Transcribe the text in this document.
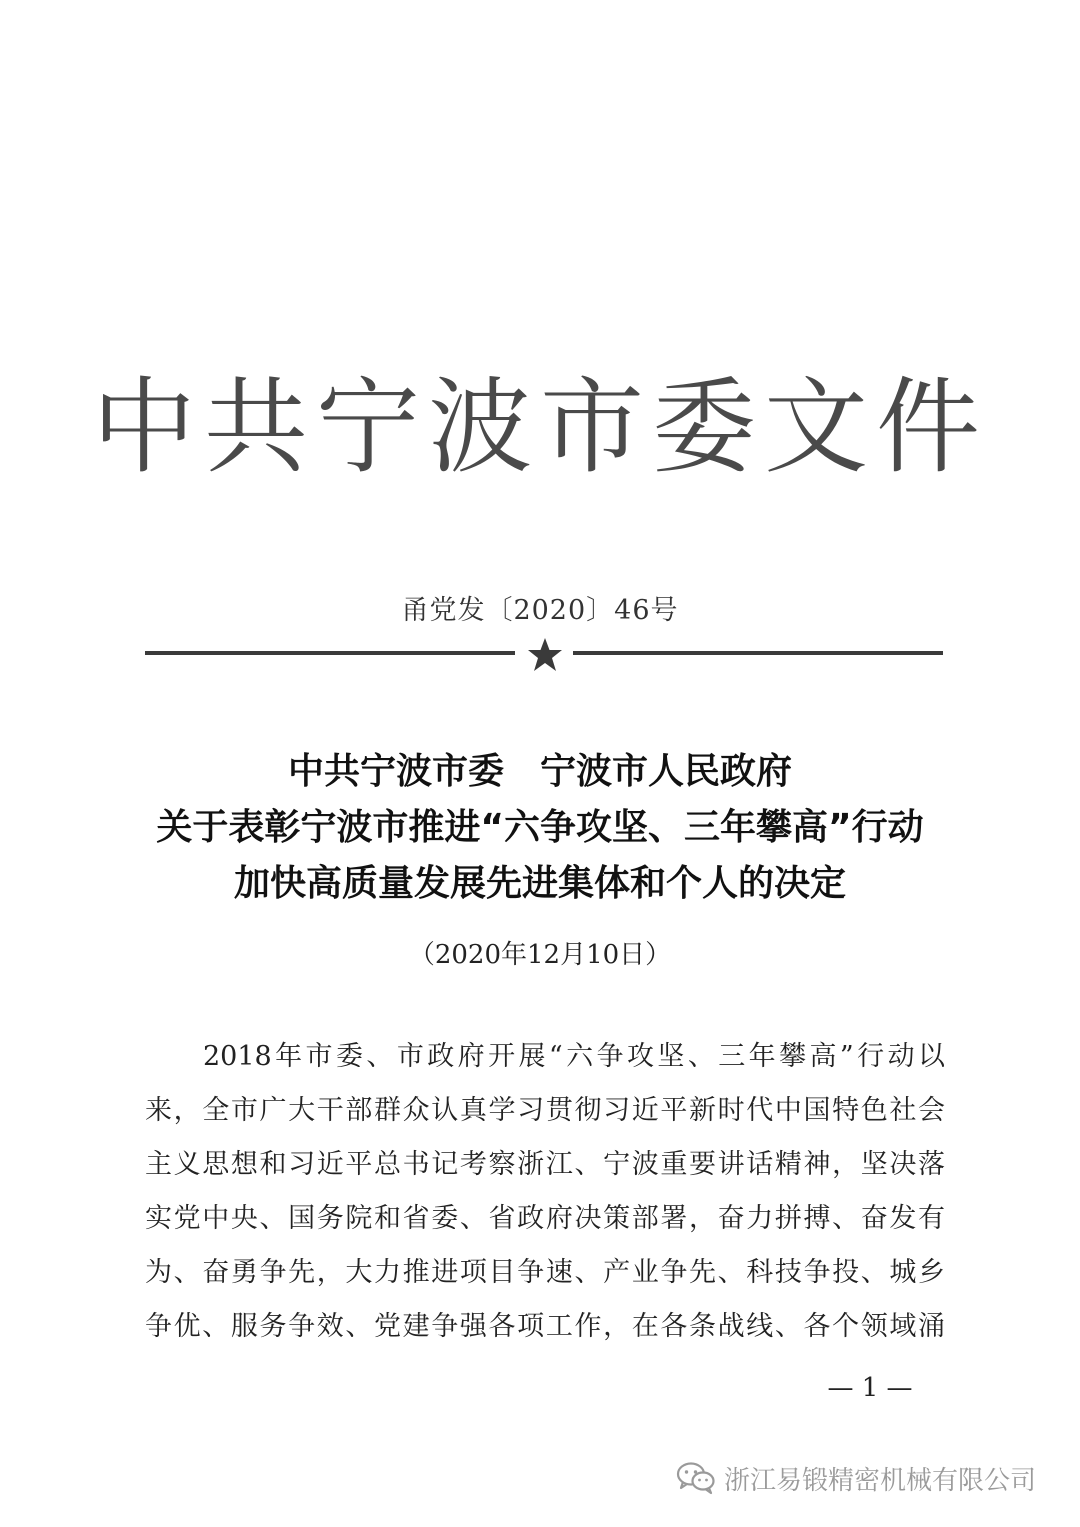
中共宁波市委文件
甬党发〔2020〕46号
中共宁波市委　宁波市人民政府
关于表彰宁波市推进“六争攻坚、三年攀高”行动
加快高质量发展先进集体和个人的决定
（2020年12月10日）
2018年市委、市政府开展“六争攻坚、三年攀高”行动以
来，全市广大干部群众认真学习贯彻习近平新时代中国特色社会
主义思想和习近平总书记考察浙江、宁波重要讲话精神，坚决落
实党中央、国务院和省委、省政府决策部署，奋力拼搏、奋发有
为、奋勇争先，大力推进项目争速、产业争先、科技争投、城乡
争优、服务争效、党建争强各项工作，在各条战线、各个领域涌
— 1 —
浙江易锻精密机械有限公司
